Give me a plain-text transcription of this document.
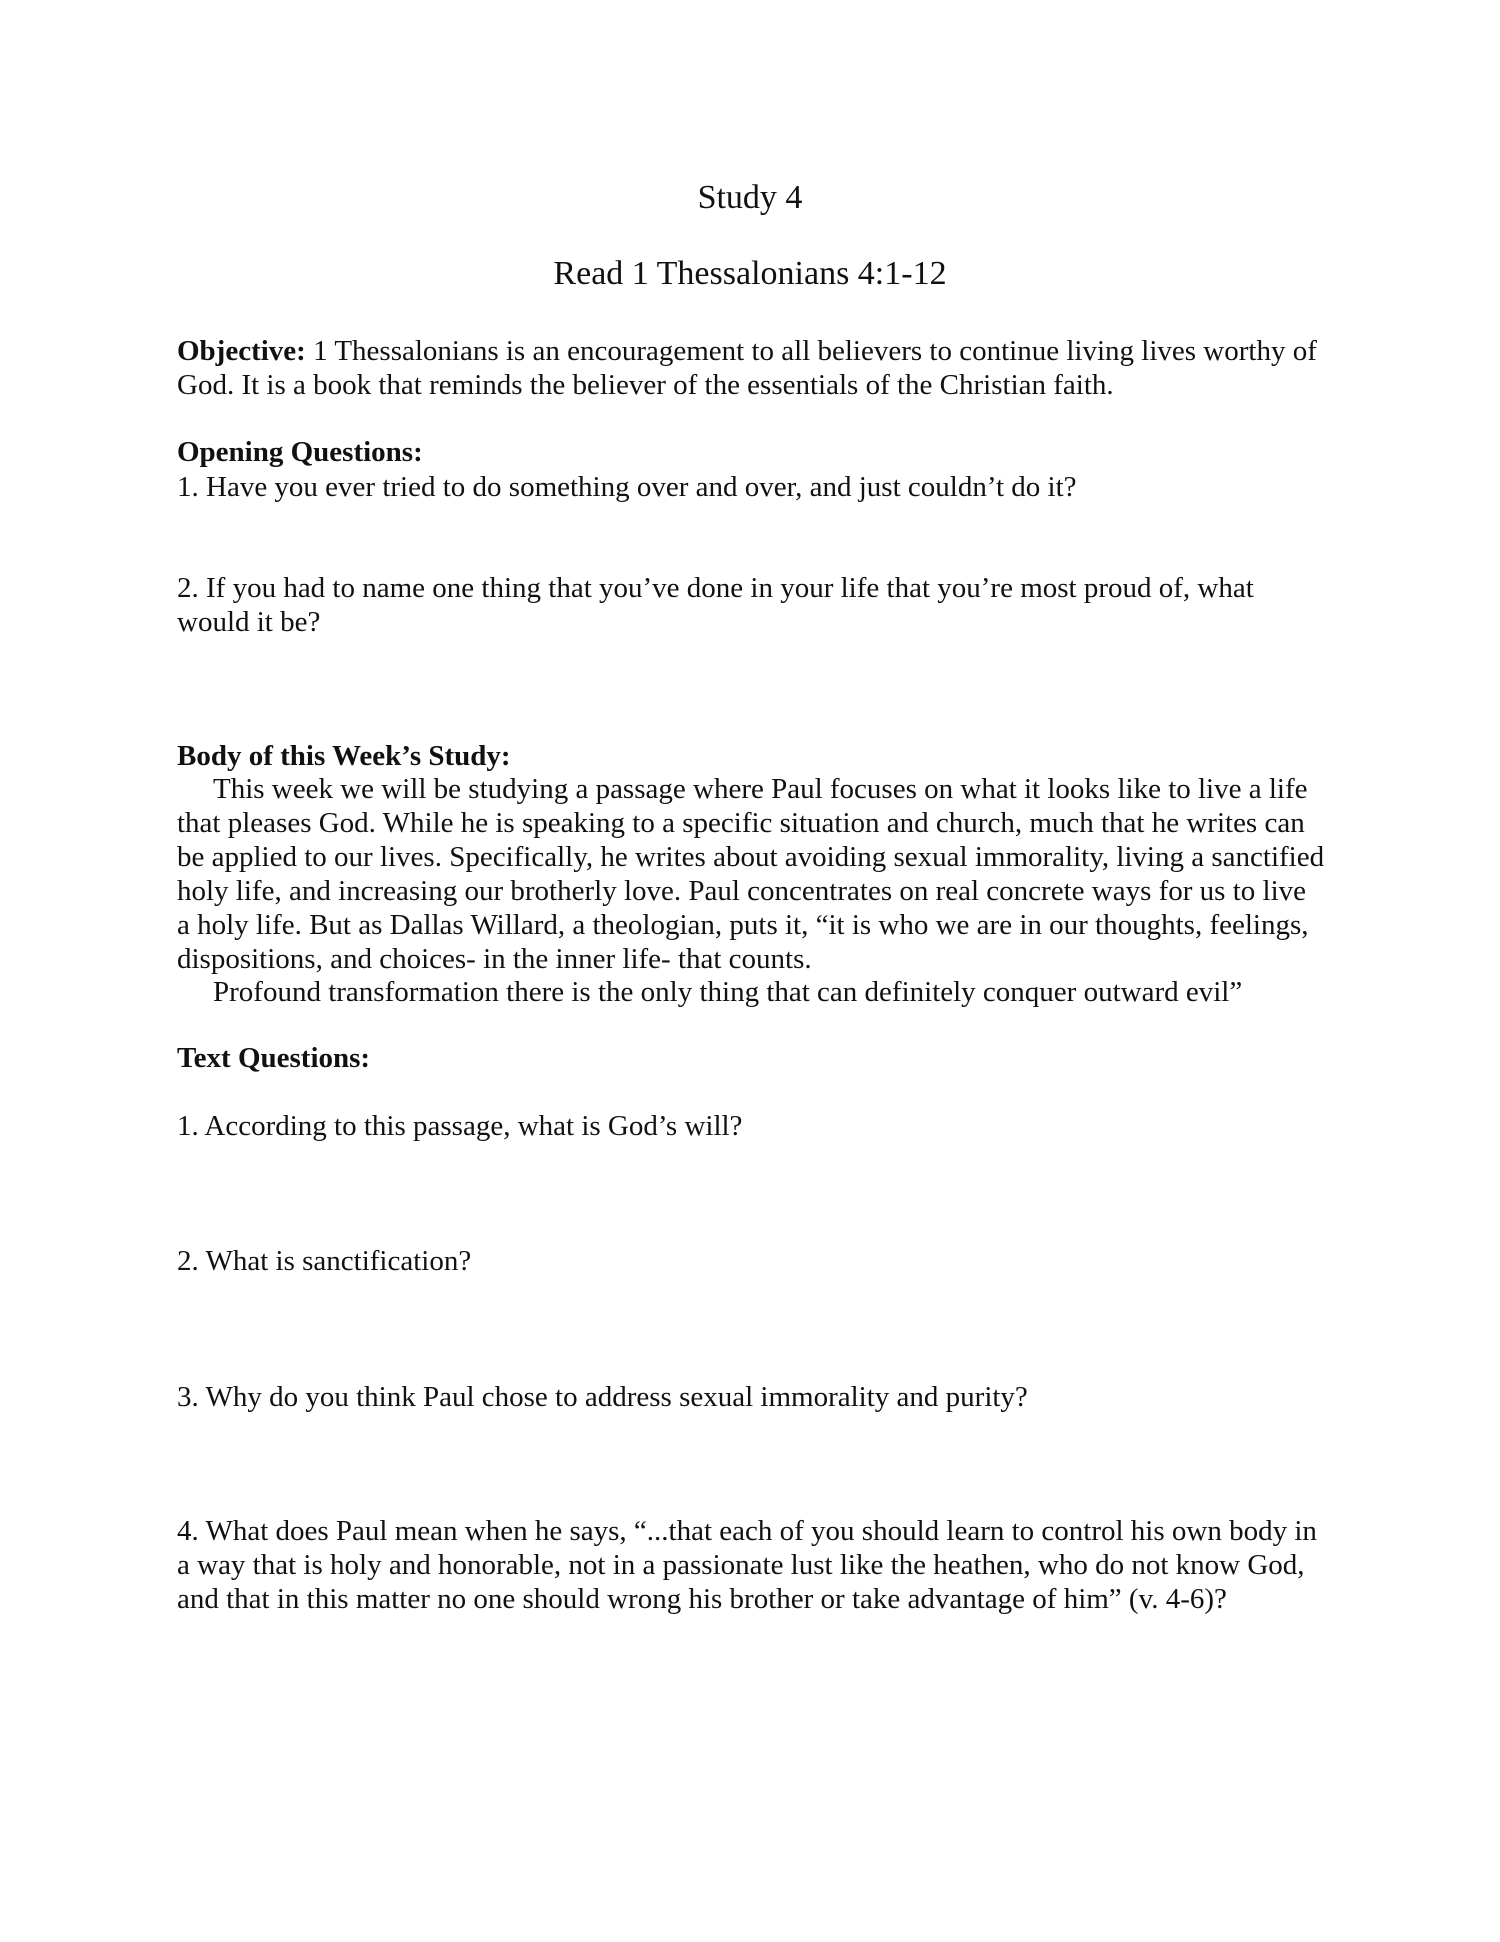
Study 4
Read 1 Thessalonians 4:1-12

Objective: 1 Thessalonians is an encouragement to all believers to continue living lives worthy of God. It is a book that reminds the believer of the essentials of the Christian faith.

Opening Questions:

1. Have you ever tried to do something over and over, and just couldn’t do it?

2. If you had to name one thing that you’ve done in your life that you’re most proud of, what would it be?

Body of this Week’s Study:

This week we will be studying a passage where Paul focuses on what it looks like to live a life that pleases God. While he is speaking to a specific situation and church, much that he writes can be applied to our lives. Specifically, he writes about avoiding sexual immorality, living a sanctified holy life, and increasing our brotherly love. Paul concentrates on real concrete ways for us to live a holy life. But as Dallas Willard, a theologian, puts it, “it is who we are in our thoughts, feelings, dispositions, and choices- in the inner life- that counts.

Profound transformation there is the only thing that can definitely conquer outward evil”

Text Questions:

1. According to this passage, what is God’s will?

2. What is sanctification?

3. Why do you think Paul chose to address sexual immorality and purity?

4. What does Paul mean when he says, “...that each of you should learn to control his own body in a way that is holy and honorable, not in a passionate lust like the heathen, who do not know God, and that in this matter no one should wrong his brother or take advantage of him” (v. 4-6)?
